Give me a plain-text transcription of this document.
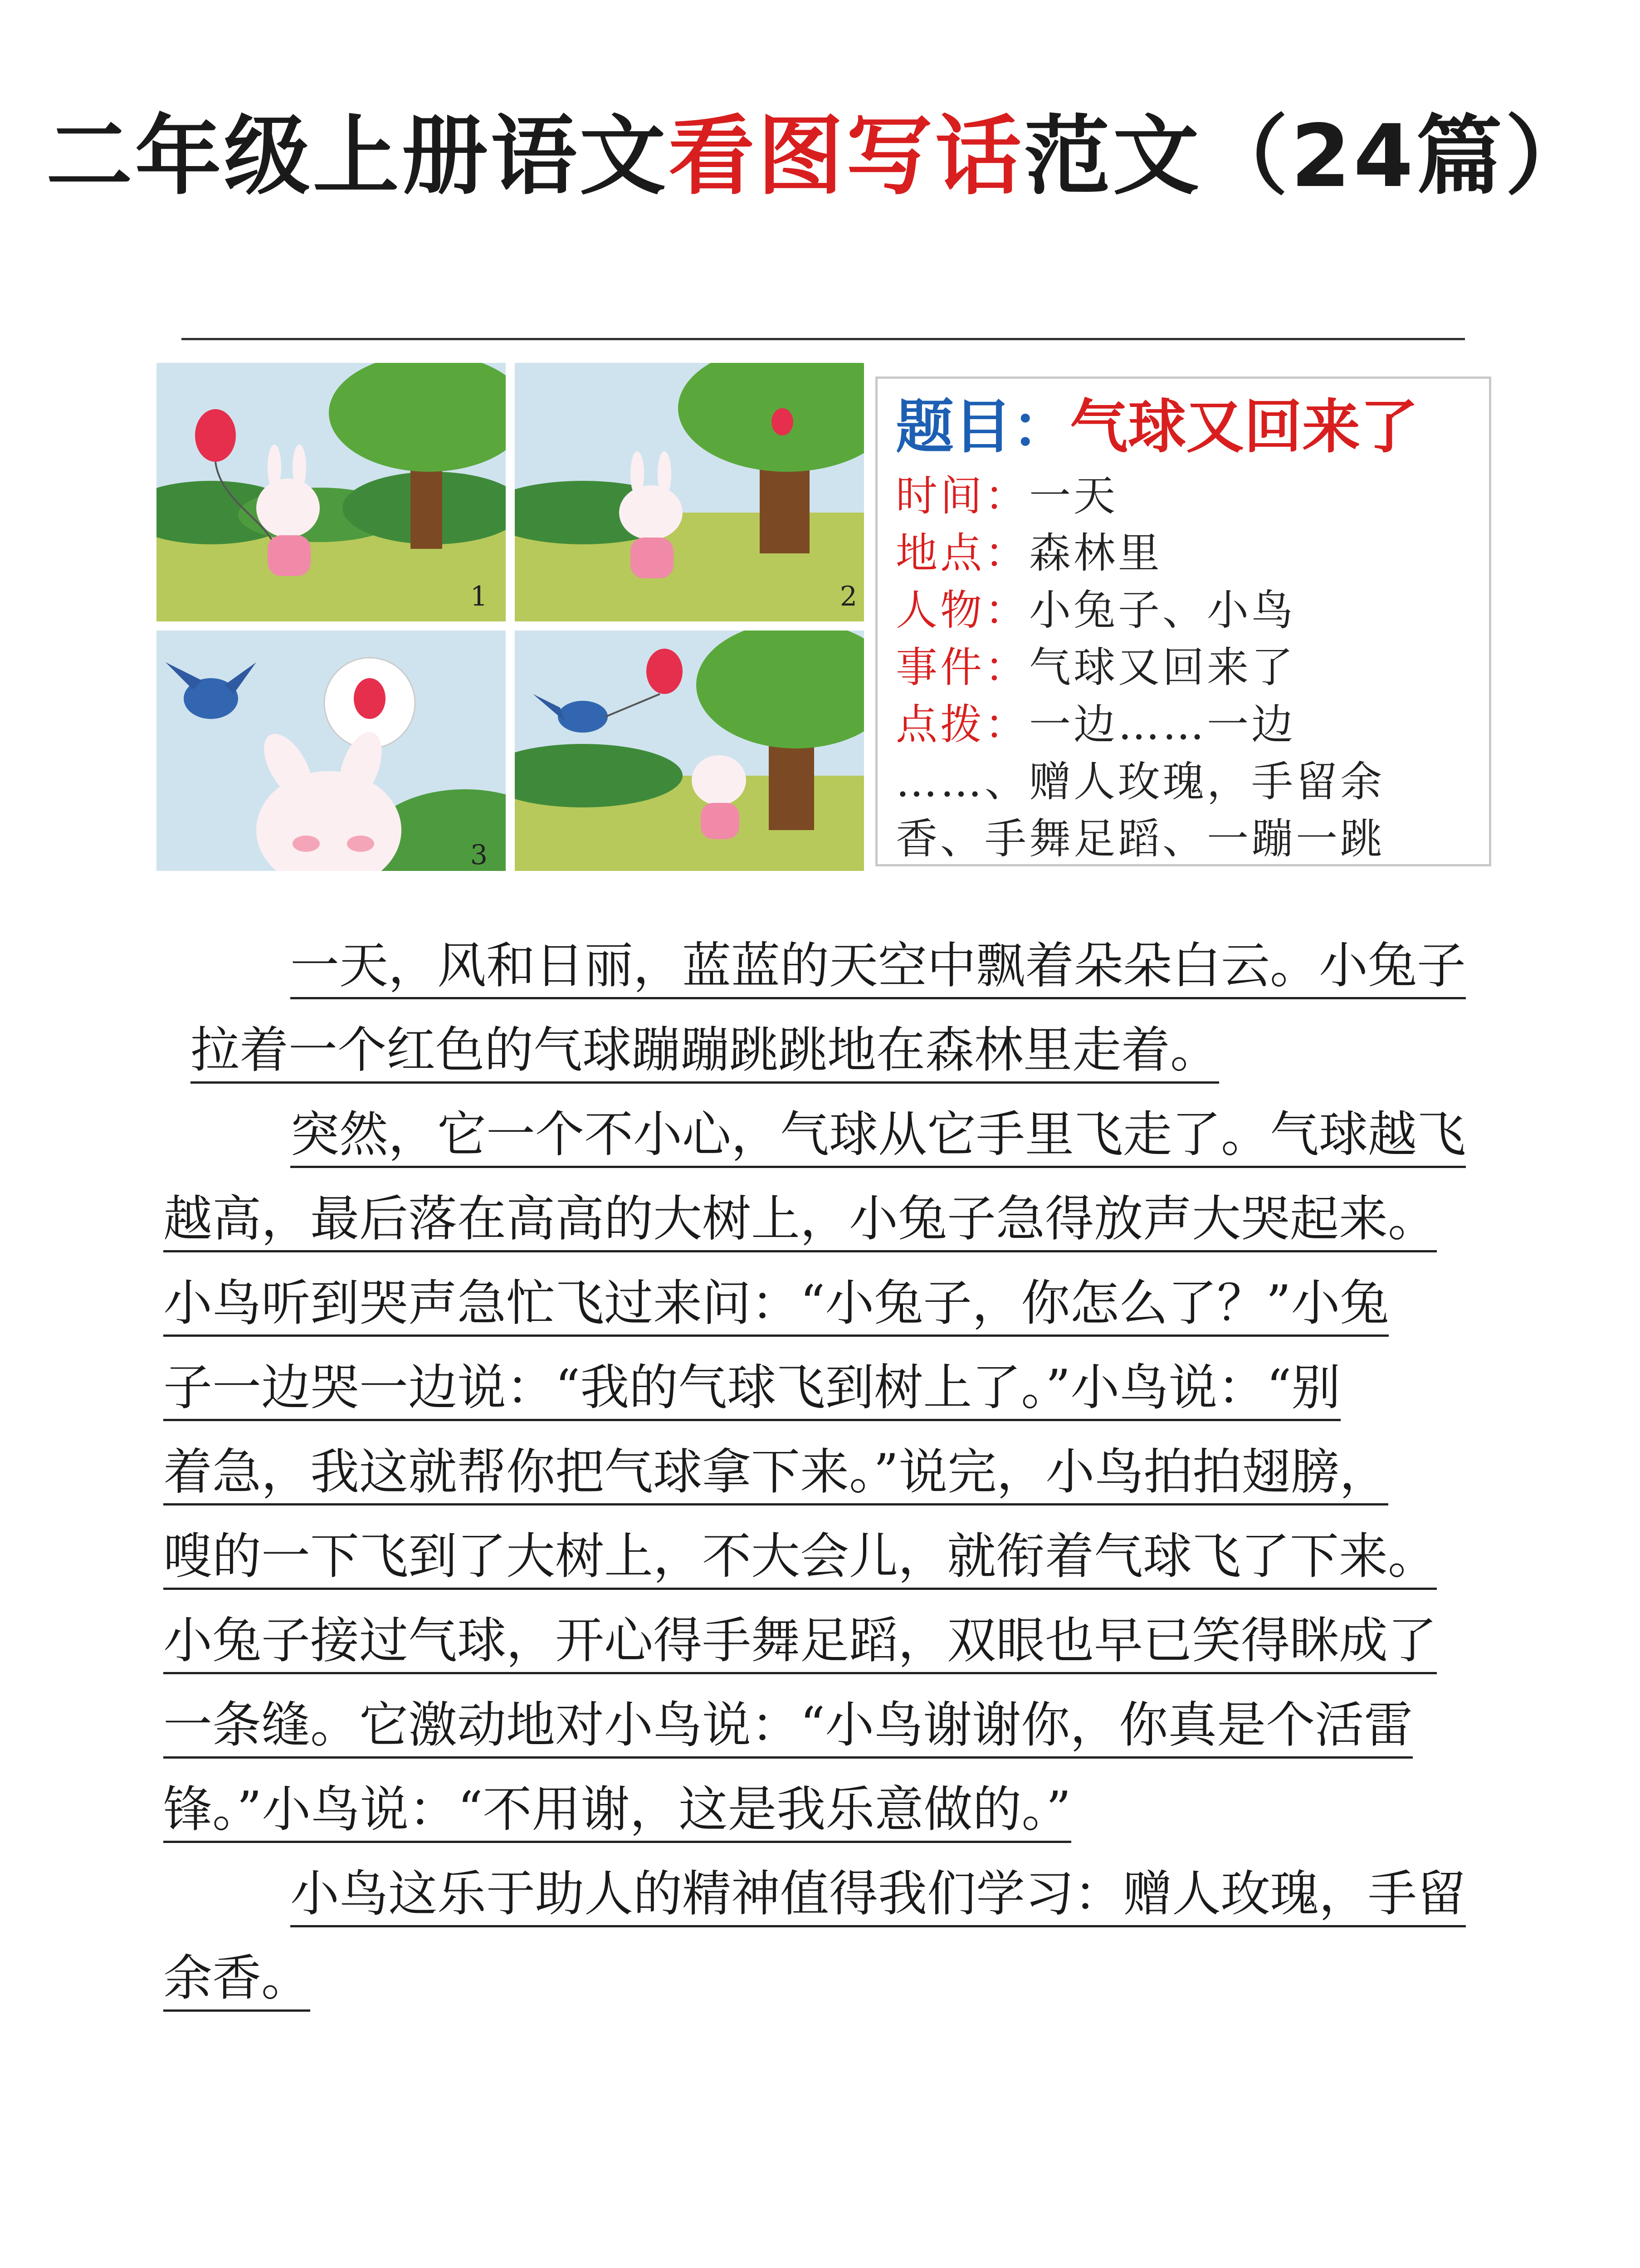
二年级上册语文看图写话范文（24篇）
1	2
3
题目：气球又回来了
时间：一天
地点：森林里
人物：小兔子、小鸟
事件：气球又回来了
点拨：一边……一边
……、赠人玫瑰，手留余
香、手舞足蹈、一蹦一跳
一天，风和日丽，蓝蓝的天空中飘着朵朵白云。小兔子
拉着一个红色的气球蹦蹦跳跳地在森林里走着。
突然，它一个不小心，气球从它手里飞走了。气球越飞
越高，最后落在高高的大树上，小兔子急得放声大哭起来。
小鸟听到哭声急忙飞过来问：“小兔子，你怎么了？”小兔
子一边哭一边说：“我的气球飞到树上了。”小鸟说：“别
着急，我这就帮你把气球拿下来。”说完，小鸟拍拍翅膀，
嗖的一下飞到了大树上，不大会儿，就衔着气球飞了下来。
小兔子接过气球，开心得手舞足蹈，双眼也早已笑得眯成了
一条缝。它激动地对小鸟说：“小鸟谢谢你，你真是个活雷
锋。”小鸟说：“不用谢，这是我乐意做的。”
小鸟这乐于助人的精神值得我们学习：赠人玫瑰，手留
余香。
